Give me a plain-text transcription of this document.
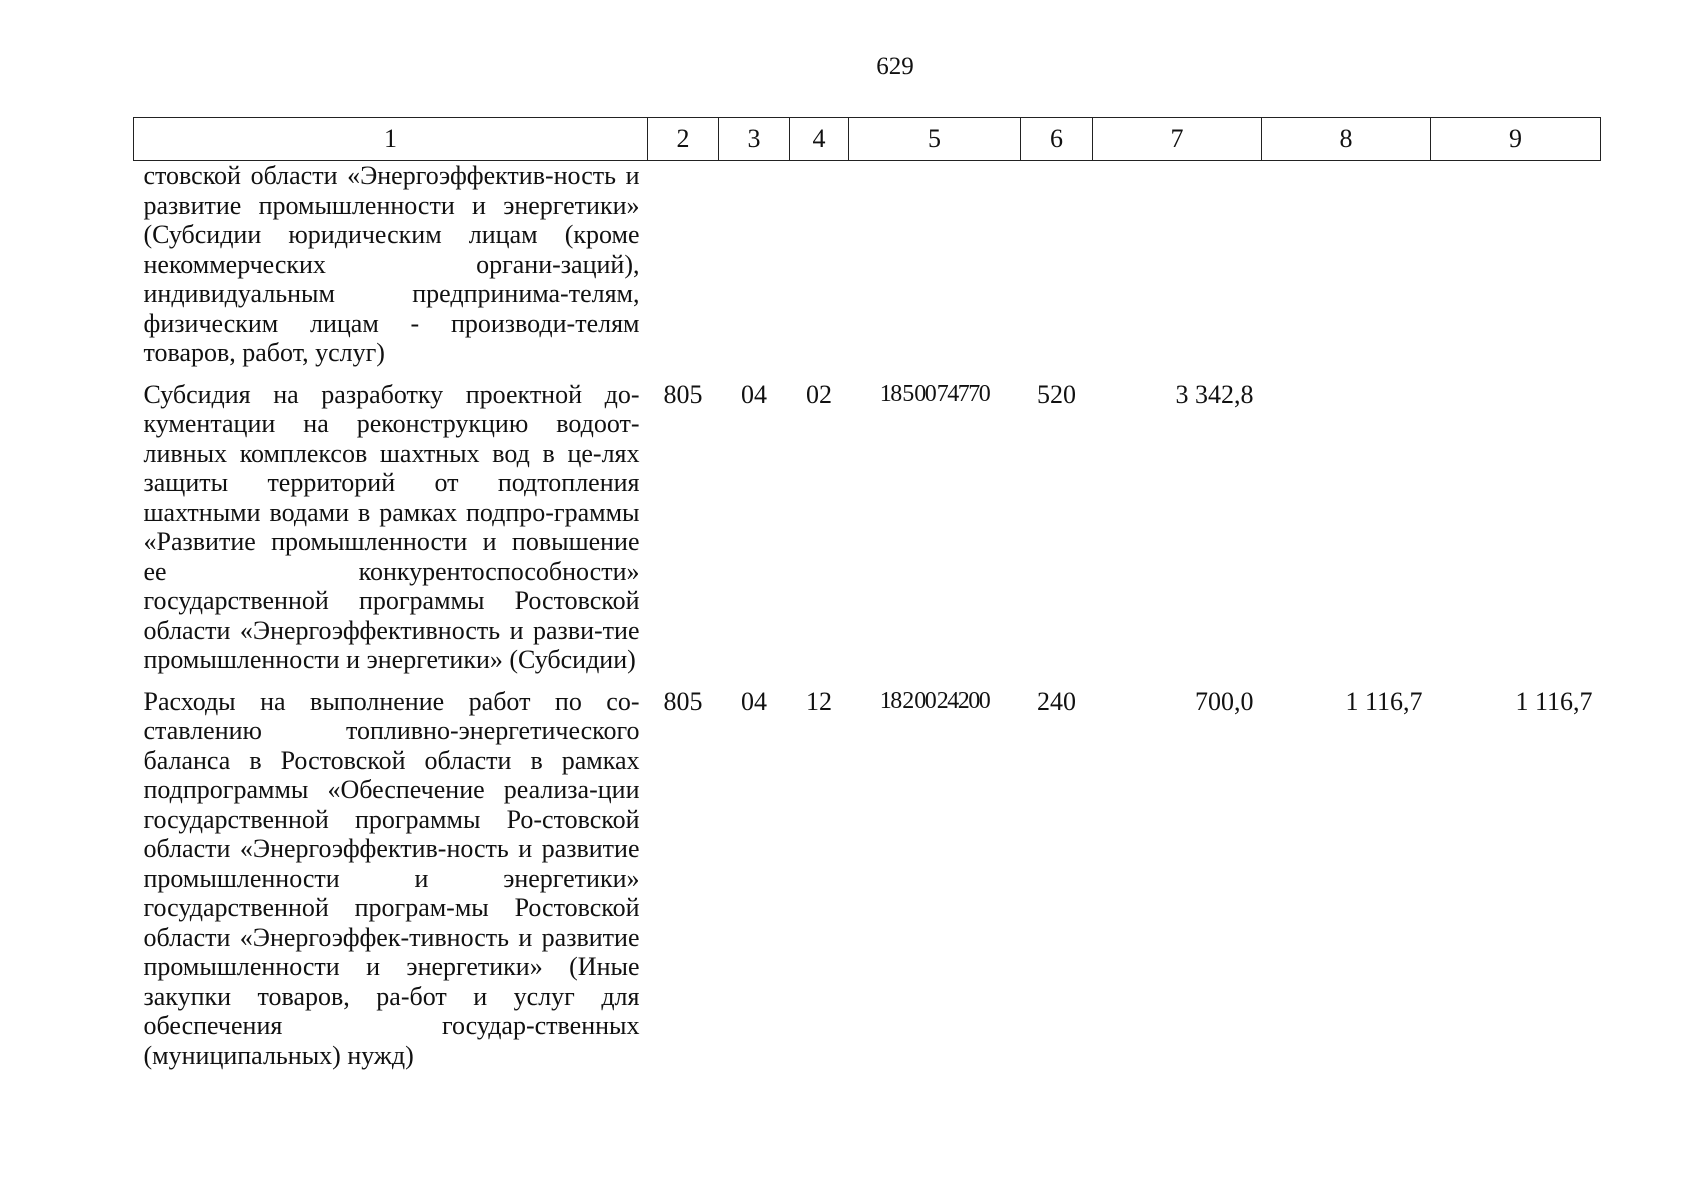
629
1	2	3	4	5	6	7	8	9
стовской области «Энергоэффектив-ность и развитие промышленности и энергетики» (Субсидии юридическим лицам (кроме некоммерческих органи-заций), индивидуальным предпринима-телям, физическим лицам - производи-телям товаров, работ, услуг)								
Субсидия на разработку проектной до-кументации на реконструкцию водоот-ливных комплексов шахтных вод в це-лях защиты территорий от подтопления шахтными водами в рамках подпро-граммы «Развитие промышленности и повышение ее конкурентоспособности» государственной программы Ростовской области «Энергоэффективность и разви-тие промышленности и энергетики» (Субсидии)	805	04	02	18 5 00 74770	520	3 342,8		
Расходы на выполнение работ по со-ставлению топливно-энергетического баланса в Ростовской области в рамках подпрограммы «Обеспечение реализа-ции государственной программы Ро-стовской области «Энергоэффектив-ность и развитие промышленности и энергетики» государственной програм-мы Ростовской области «Энергоэффек-тивность и развитие промышленности и энергетики» (Иные закупки товаров, ра-бот и услуг для обеспечения государ-ственных (муниципальных) нужд)	805	04	12	18 2 00 24200	240	700,0	1 116,7	1 116,7
